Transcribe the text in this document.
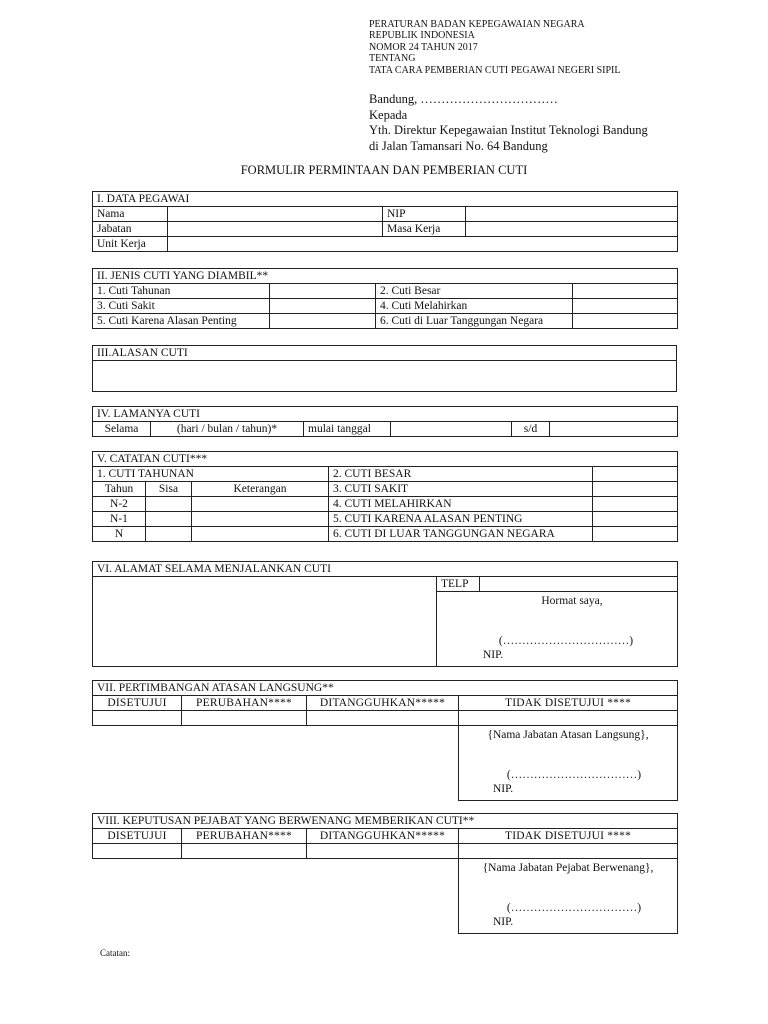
PERATURAN BADAN KEPEGAWAIAN NEGARA
REPUBLIK INDONESIA
NOMOR 24 TAHUN 2017
TENTANG
TATA CARA PEMBERIAN CUTI PEGAWAI NEGERI SIPIL
Bandung, ……………………………
Kepada
Yth. Direktur Kepegawaian Institut Teknologi Bandung
di Jalan Tamansari No. 64 Bandung
FORMULIR PERMINTAAN DAN PEMBERIAN CUTI
I. DATA PEGAWAI			
Nama		NIP	
Jabatan		Masa Kerja	
Unit Kerja			
II. JENIS CUTI YANG DIAMBIL**			
1. Cuti Tahunan		2. Cuti Besar	
3. Cuti Sakit		4. Cuti Melahirkan	
5. Cuti Karena Alasan Penting		6. Cuti di Luar Tanggungan Negara	
III.ALASAN CUTI

IV. LAMANYA CUTI
Selama	(hari / bulan / tahun)*	mulai tanggal		s/d	
V. CATATAN CUTI***				
1. CUTI TAHUNAN			2. CUTI BESAR	
Tahun	Sisa	Keterangan	3. CUTI SAKIT	
N-2			4. CUTI MELAHIRKAN	
N-1			5. CUTI KARENA ALASAN PENTING	
N			6. CUTI DI LUAR TANGGUNGAN NEGARA	
VI. ALAMAT SELAMA MENJALANKAN CUTI
	TELP	

Hormat saya,
(……………………………)
NIP.
VII. PERTIMBANGAN ATASAN LANGSUNG**			
DISETUJUI	PERUBAHAN****	DITANGGUHKAN*****	TIDAK DISETUJUI ****

			{Nama Jabatan Atasan Langsung},
(……………………………)
NIP.
VIII. KEPUTUSAN PEJABAT YANG BERWENANG MEMBERIKAN CUTI**			
DISETUJUI	PERUBAHAN****	DITANGGUHKAN*****	TIDAK DISETUJUI ****

			{Nama Jabatan Pejabat Berwenang},
(……………………………)
NIP.
Catatan:
